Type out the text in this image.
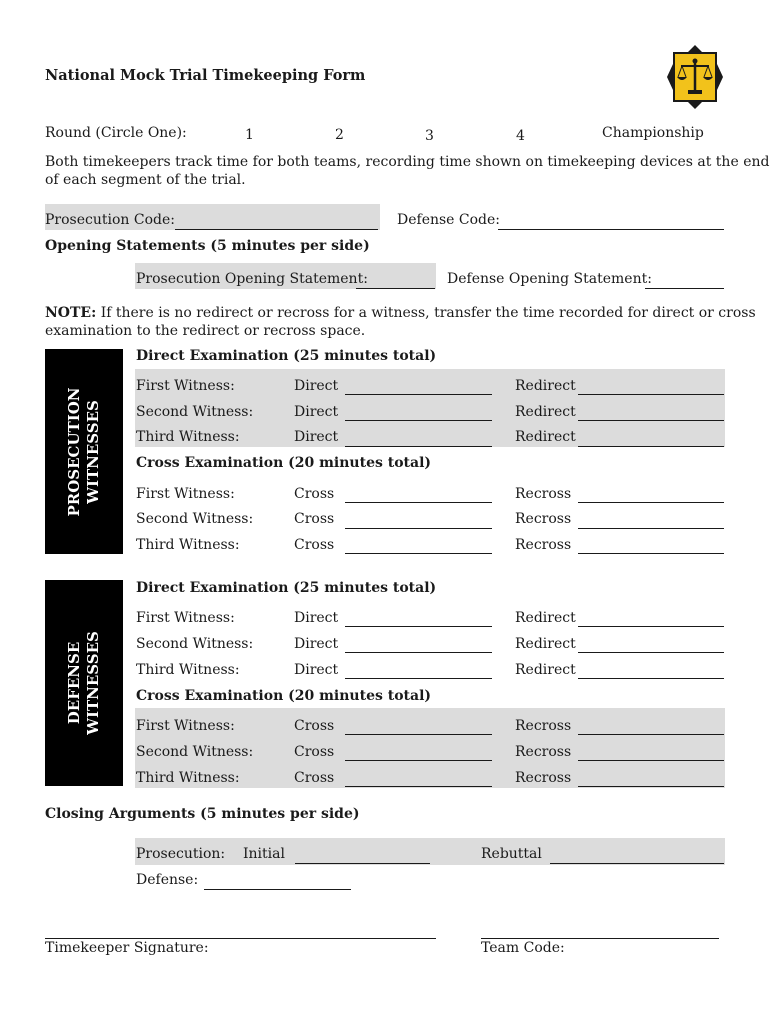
National Mock Trial Timekeeping Form
Round (Circle One):	1	2	3	4	Championship
Both timekeepers track time for both teams, recording time shown on timekeeping devices at the end
of each segment of the trial.
Prosecution Code:	Defense Code:
Opening Statements (5 minutes per side)
Prosecution Opening Statement:	Defense Opening Statement:
NOTE: If there is no redirect or recross for a witness, transfer the time recorded for direct or cross
examination to the redirect or recross space.
PROSECUTION WITNESSES
Direct Examination (25 minutes total)
First Witness:	Direct	Redirect
Second Witness:	Direct	Redirect
Third Witness:	Direct	Redirect
Cross Examination (20 minutes total)
First Witness:	Cross	Recross
Second Witness:	Cross	Recross
Third Witness:	Cross	Recross
DEFENSE WITNESSES
Direct Examination (25 minutes total)
First Witness:	Direct	Redirect
Second Witness:	Direct	Redirect
Third Witness:	Direct	Redirect
Cross Examination (20 minutes total)
First Witness:	Cross	Recross
Second Witness:	Cross	Recross
Third Witness:	Cross	Recross
Closing Arguments (5 minutes per side)
Prosecution: Initial	Rebuttal
Defense:
Timekeeper Signature:	Team Code:
